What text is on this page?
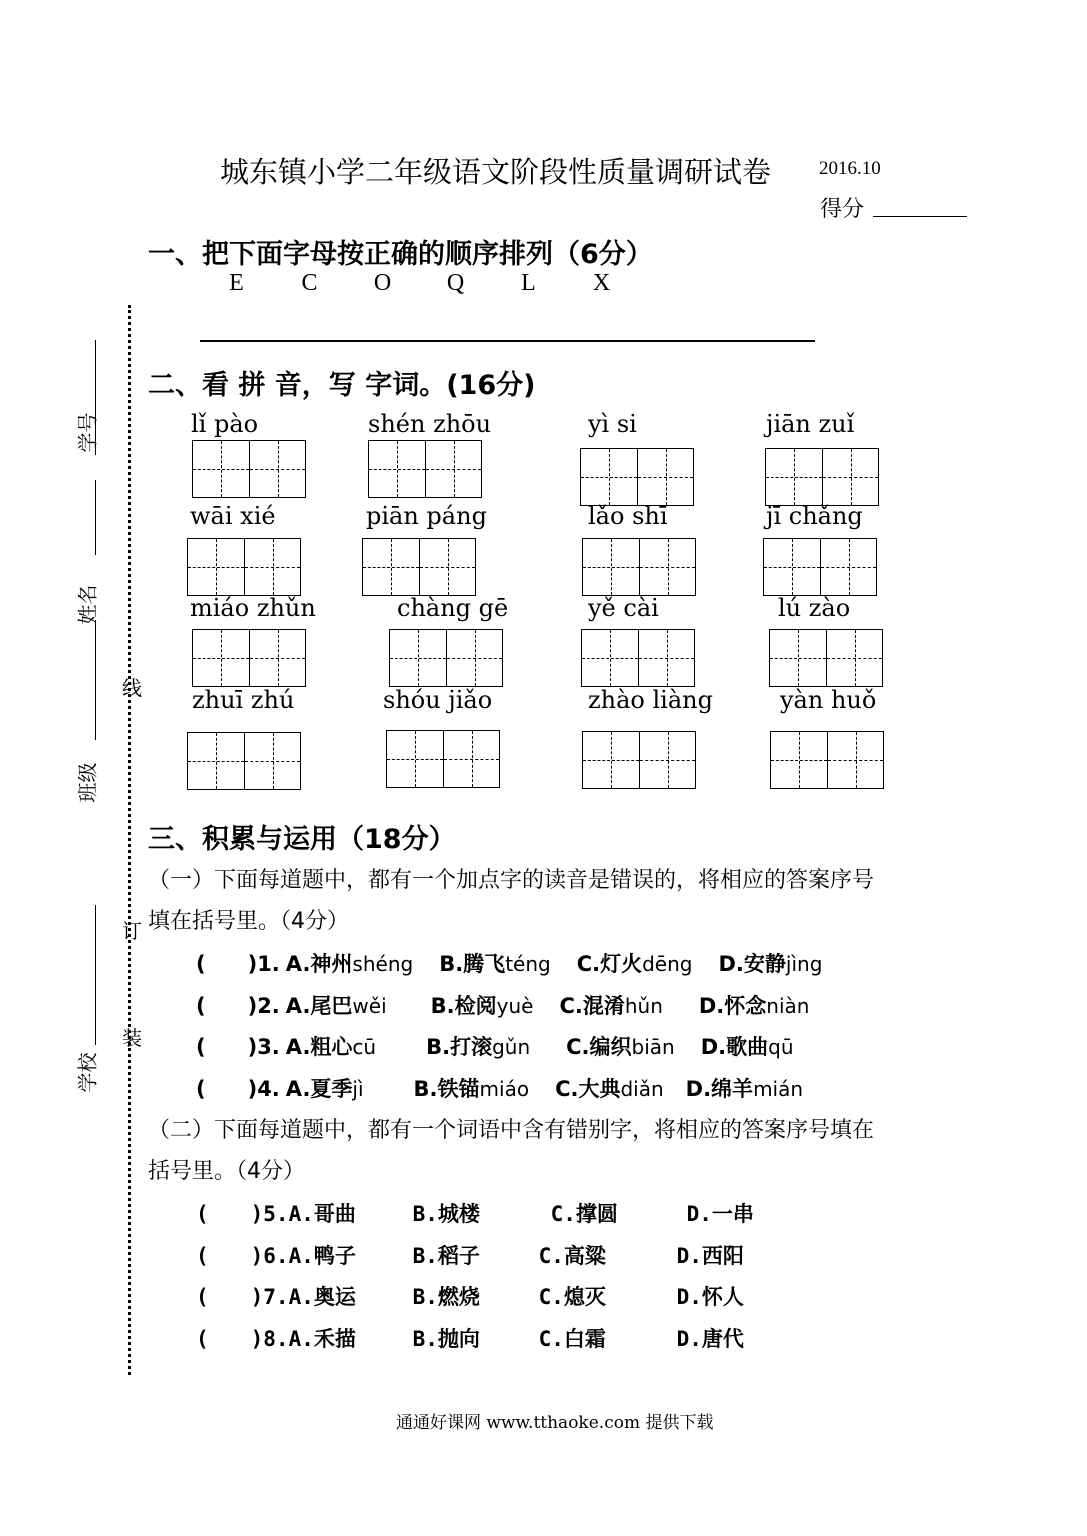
城东镇小学二年级语文阶段性质量调研试卷	2016.10
得分
学号
姓名
班级
学校
线
订
装
一、把下面字母按正确的顺序排列（6分）
E C O Q L X
二、看 拼 音，写 字词。(16分)
lǐ pào	shén zhōu	yì si	jiān zuǐ
wāi xié	piān páng	lǎo shī	jī chǎng
miáo zhǔn	chàng gē	yě cài	lú zào
zhuī zhú	shóu jiǎo	zhào liàng	yàn huǒ
三、积累与运用（18分）
（一）下面每道题中，都有一个加点字的读音是错误的，将相应的答案序号
填在括号里。（4分）
(　　)1. A.神州shéng B.腾飞téng C.灯火dēng D.安静jìng
(　　)2. A.尾巴wěi B.检阅yuè C.混淆hǔn D.怀念niàn
(　　)3. A.粗心cū B.打滚gǔn C.编织biān D.歌曲qū
(　　)4. A.夏季jì B.铁锚miáo C.大典diǎn D.绵羊mián
（二）下面每道题中，都有一个词语中含有错别字，将相应的答案序号填在
括号里。（4分）
(　　)5.A.哥曲	B.城楼	C.撑圆	D.一串
(　　)6.A.鸭子	B.稻子	C.高粱	D.西阳
(　　)7.A.奥运	B.燃烧	C.熄灭	D.怀人
(　　)8.A.禾描	B.抛向	C.白霜	D.唐代
通通好课网 www.tthaoke.com 提供下载
